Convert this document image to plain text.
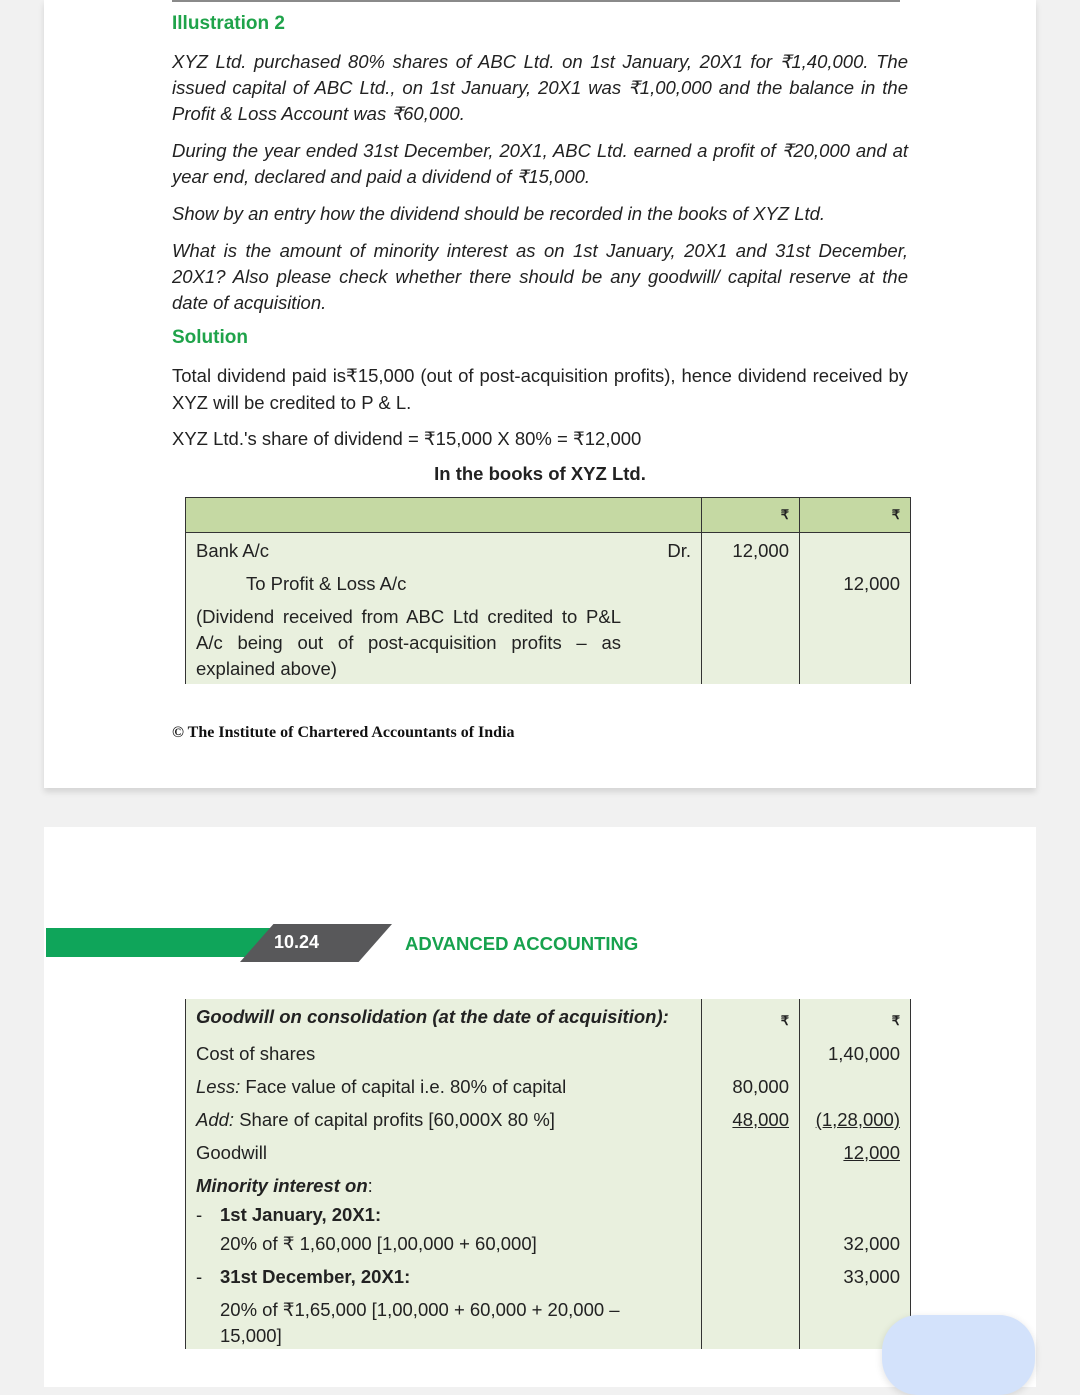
Illustration 2

XYZ Ltd. purchased 80% shares of ABC Ltd. on 1st January, 20X1 for ₹1,40,000. The issued capital of ABC Ltd., on 1st January, 20X1 was ₹1,00,000 and the balance in the Profit & Loss Account was ₹60,000.

During the year ended 31st December, 20X1, ABC Ltd. earned a profit of ₹20,000 and at year end, declared and paid a dividend of ₹15,000.

Show by an entry how the dividend should be recorded in the books of XYZ Ltd.

What is the amount of minority interest as on 1st January, 20X1 and 31st December, 20X1? Also please check whether there should be any goodwill/ capital reserve at the date of acquisition.

Solution

Total dividend paid is₹15,000 (out of post-acquisition profits), hence dividend received by XYZ will be credited to P & L.

XYZ Ltd.'s share of dividend = ₹15,000 X 80% = ₹12,000

In the books of XYZ Ltd.
	₹	₹
Bank A/c Dr.	12,000	
To Profit & Loss A/c		12,000

(Dividend received from ABC Ltd credited to P&L A/c being out of post-acquisition profits – as explained above)		

© The Institute of Chartered Accountants of India
10.24	ADVANCED ACCOUNTING
Goodwill on consolidation (at the date of acquisition):	₹	₹
Cost of shares		1,40,000
Less: Face value of capital i.e. 80% of capital	80,000	
Add: Share of capital profits [60,000X 80 %]	48,000	(1,28,000)
Goodwill		12,000
Minority interest on:		
- 1st January, 20X1:		
20% of ₹ 1,60,000 [1,00,000 + 60,000]		32,000
- 31st December, 20X1:		33,000

20% of ₹1,65,000 [1,00,000 + 60,000 + 20,000 – 15,000]		
